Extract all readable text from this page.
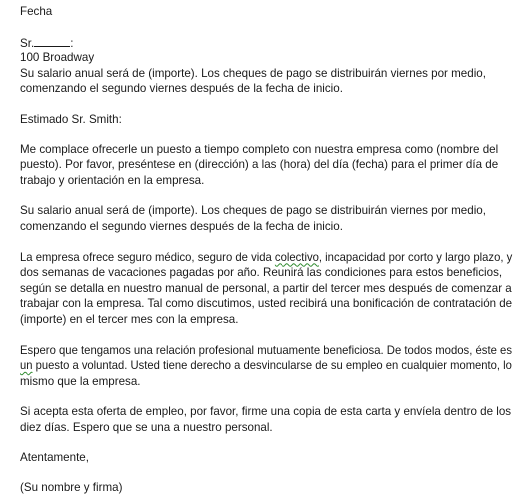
Fecha
Sr.	:
100 Broadway
Su salario anual será de (importe). Los cheques de pago se distribuirán viernes por medio,
comenzando el segundo viernes después de la fecha de inicio.
Estimado Sr. Smith:
Me complace ofrecerle un puesto a tiempo completo con nuestra empresa como (nombre del
puesto). Por favor, preséntese en (dirección) a las (hora) del día (fecha) para el primer día de
trabajo y orientación en la empresa.
Su salario anual será de (importe). Los cheques de pago se distribuirán viernes por medio,
comenzando el segundo viernes después de la fecha de inicio.
La empresa ofrece seguro médico, seguro de vida colectivo, incapacidad por corto y largo plazo, y
dos semanas de vacaciones pagadas por año. Reunirá las condiciones para estos beneficios,
según se detalla en nuestro manual de personal, a partir del tercer mes después de comenzar a
trabajar con la empresa. Tal como discutimos, usted recibirá una bonificación de contratación de
(importe) en el tercer mes con la empresa.
Espero que tengamos una relación profesional mutuamente beneficiosa. De todos modos, éste es
un puesto a voluntad. Usted tiene derecho a desvincularse de su empleo en cualquier momento, lo
mismo que la empresa.
Si acepta esta oferta de empleo, por favor, firme una copia de esta carta y envíela dentro de los
diez días. Espero que se una a nuestro personal.
Atentamente,
(Su nombre y firma)
